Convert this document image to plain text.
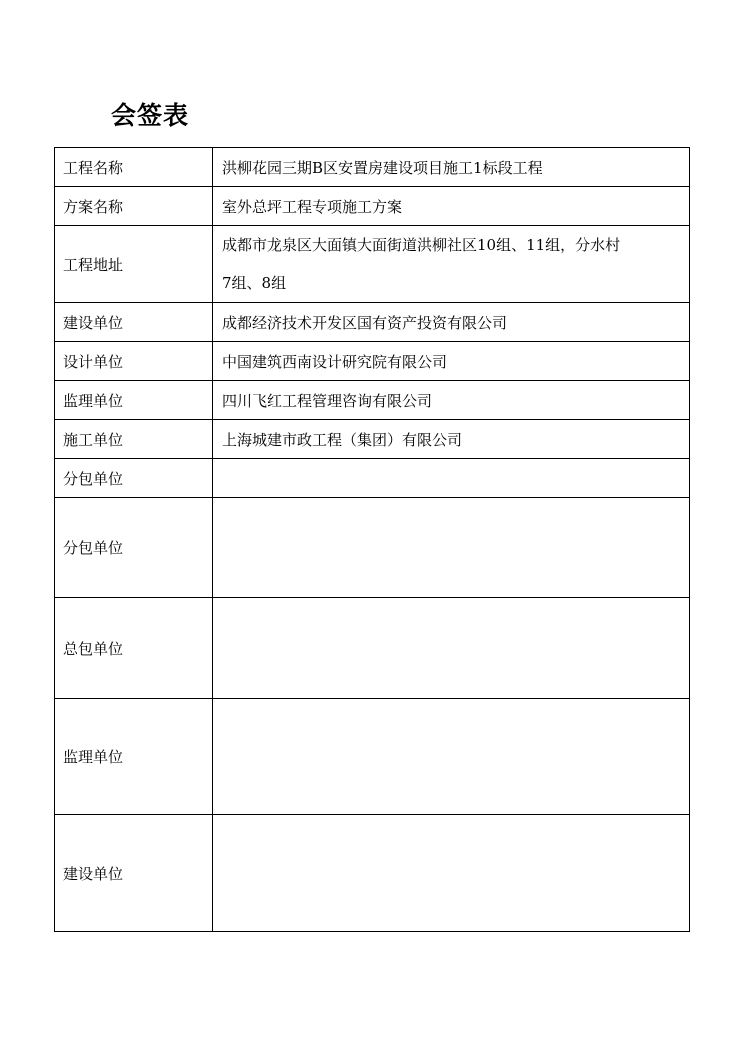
会签表
工程名称	洪柳花园三期B区安置房建设项目施工1标段工程
方案名称	室外总坪工程专项施工方案
工程地址	成都市龙泉区大面镇大面街道洪柳社区10组、11组，分水村
7组、8组

建设单位	成都经济技术开发区国有资产投资有限公司
设计单位	中国建筑西南设计研究院有限公司
监理单位	四川飞红工程管理咨询有限公司
施工单位	上海城建市政工程（集团）有限公司
分包单位	
分包单位	
总包单位	
监理单位	
建设单位	
